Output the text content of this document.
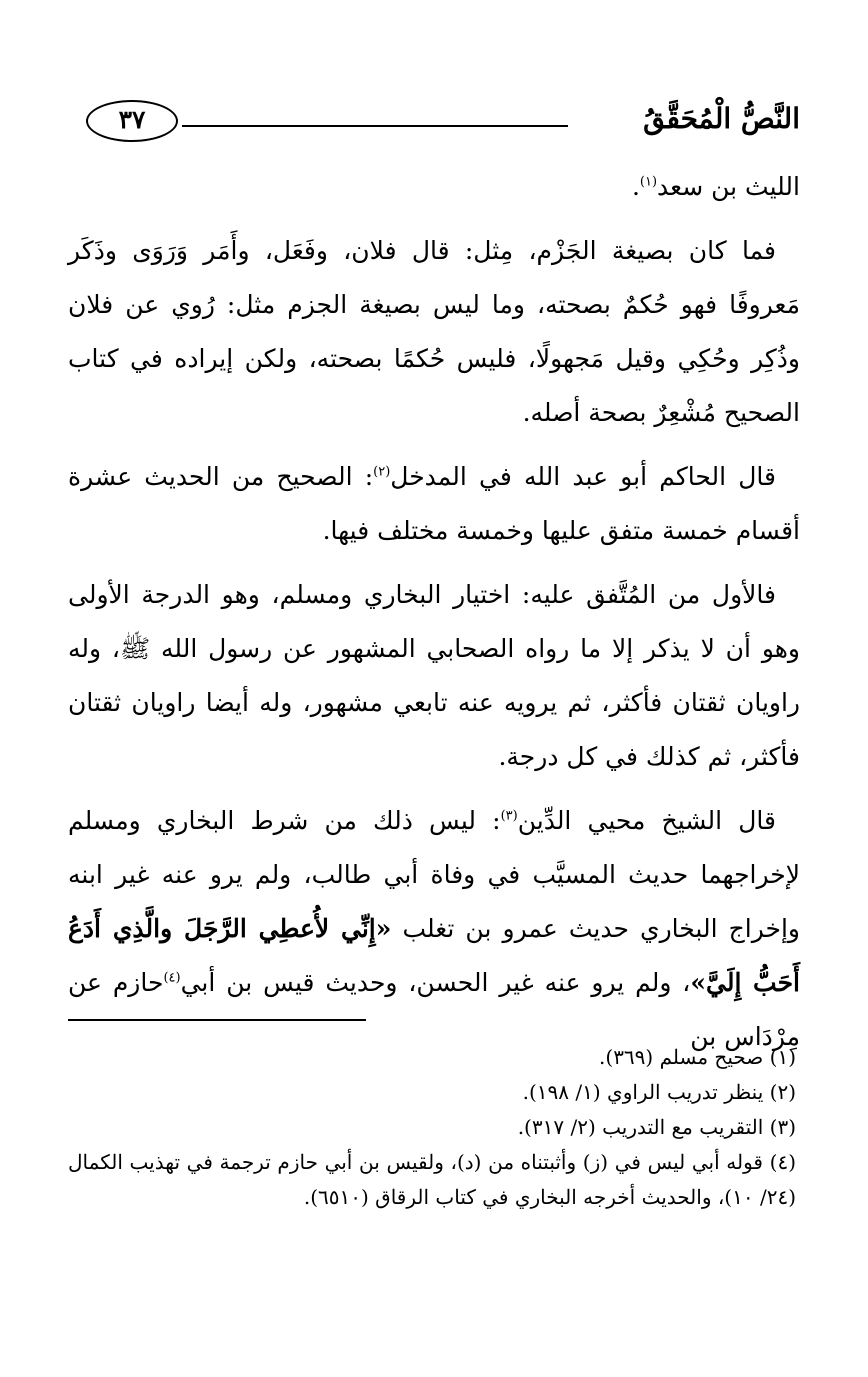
النَّصُّ الْمُحَقَّقُ
٣٧

الليث بن سعد$^{(١)}$.

فما كان بصيغة الجَزْم، مِثل: قال فلان، وفَعَل، وأَمَر وَرَوَى وذَكَر مَعروفًا فهو حُكمٌ بصحته، وما ليس بصيغة الجزم مثل: رُوي عن فلان وذُكِر وحُكِي وقيل مَجهولًا، فليس حُكمًا بصحته، ولكن إيراده في كتاب الصحيح مُشْعِرٌ بصحة أصله.

قال الحاكم أبو عبد الله في المدخل$^{(٢)}$: الصحيح من الحديث عشرة أقسام خمسة متفق عليها وخمسة مختلف فيها.

فالأول من المُتَّفق عليه: اختيار البخاري ومسلم، وهو الدرجة الأولى وهو أن لا يذكر إلا ما رواه الصحابي المشهور عن رسول الله ﷺ، وله راويان ثقتان فأكثر، ثم يرويه عنه تابعي مشهور، وله أيضا راويان ثقتان فأكثر، ثم كذلك في كل درجة.

قال الشيخ محيي الدِّين$^{(٣)}$: ليس ذلك من شرط البخاري ومسلم لإخراجهما حديث المسيَّب في وفاة أبي طالب، ولم يرو عنه غير ابنه وإخراج البخاري حديث عمرو بن تغلب «إِنِّي لأُعطِي الرَّجَلَ والَّذِي أَدَعُ أَحَبُّ إِلَيَّ»، ولم يرو عنه غير الحسن، وحديث قيس بن أبي$^{(٤)}$حازم عن مِرْدَاس بن

(١) صحيح مسلم (٣٦٩).
(٢) ينظر تدريب الراوي (١/ ١٩٨).
(٣) التقريب مع التدريب (٢/ ٣١٧).
(٤) قوله أبي ليس في (ز) وأثبتناه من (د)، ولقيس بن أبي حازم ترجمة في تهذيب الكمال (٢٤/ ١٠)، والحديث أخرجه البخاري في كتاب الرقاق (٦٥١٠).
